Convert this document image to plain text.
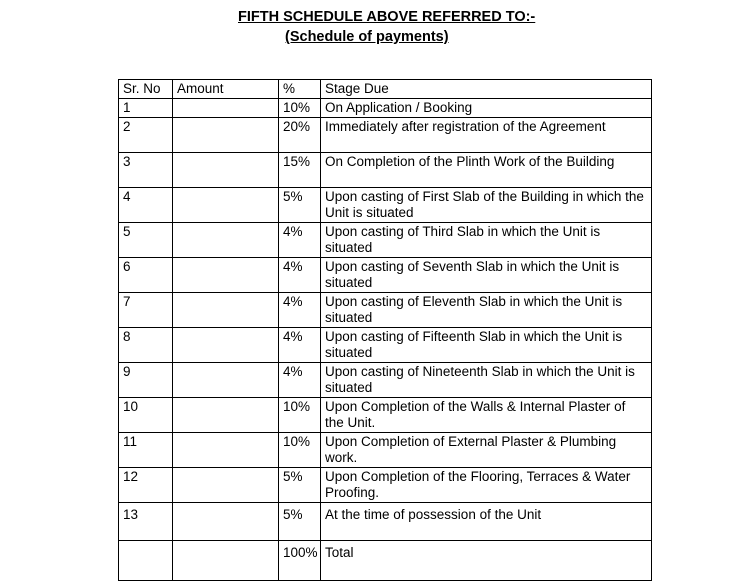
FIFTH SCHEDULE ABOVE REFERRED TO:-
(Schedule of payments)
Sr. No	Amount	%	Stage Due
1		10%	On Application / Booking
2		20%	Immediately after registration of the Agreement
3		15%	On Completion of the Plinth Work of the Building
4		5%	Upon casting of First Slab of the Building in which the Unit is situated
5		4%	Upon casting of Third Slab in which the Unit is situated
6		4%	Upon casting of Seventh Slab in which the Unit is situated
7		4%	Upon casting of Eleventh Slab in which the Unit is situated
8		4%	Upon casting of Fifteenth Slab in which the Unit is situated
9		4%	Upon casting of Nineteenth Slab in which the Unit is situated
10		10%	Upon Completion of the Walls & Internal Plaster of the Unit.
11		10%	Upon Completion of External Plaster & Plumbing work.
12		5%	Upon Completion of the Flooring, Terraces & Water Proofing.
13		5%	At the time of possession of the Unit
		100%	Total
